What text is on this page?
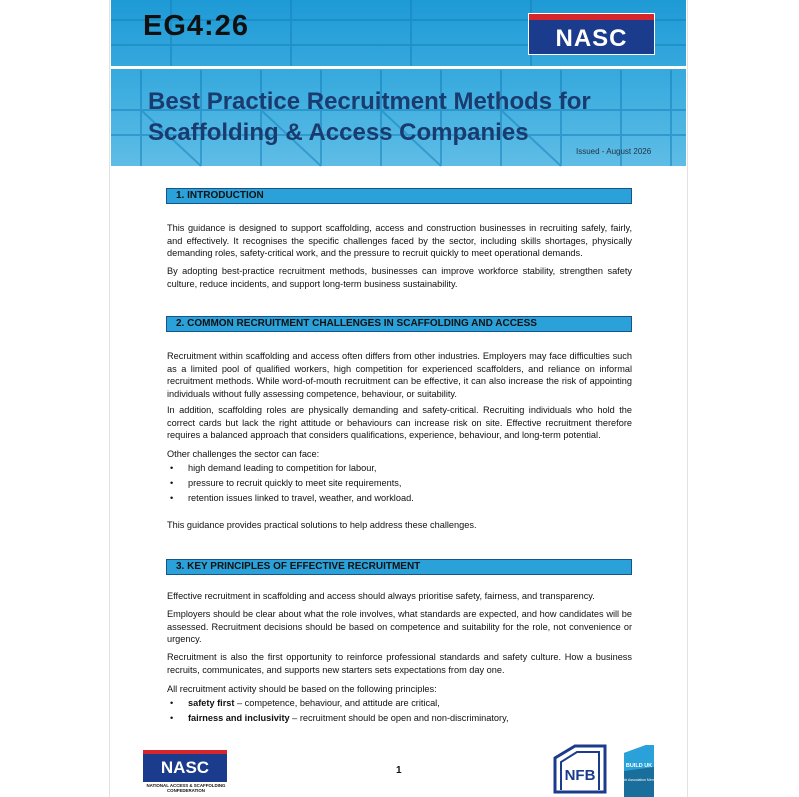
EG4:26	NASC
Best Practice Recruitment Methods for
Scaffolding & Access Companies
Issued - August 2026
1. INTRODUCTION
This guidance is designed to support scaffolding, access and construction businesses in recruiting safely, fairly, and effectively. It recognises the specific challenges faced by the sector, including skills shortages, physically demanding roles, safety-critical work, and the pressure to recruit quickly to meet operational demands.
By adopting best-practice recruitment methods, businesses can improve workforce stability, strengthen safety culture, reduce incidents, and support long-term business sustainability.
2. COMMON RECRUITMENT CHALLENGES IN SCAFFOLDING AND ACCESS
Recruitment within scaffolding and access often differs from other industries. Employers may face difficulties such as a limited pool of qualified workers, high competition for experienced scaffolders, and reliance on informal recruitment methods. While word-of-mouth recruitment can be effective, it can also increase the risk of appointing individuals without fully assessing competence, behaviour, or suitability.
In addition, scaffolding roles are physically demanding and safety-critical. Recruiting individuals who hold the correct cards but lack the right attitude or behaviours can increase risk on site. Effective recruitment therefore requires a balanced approach that considers qualifications, experience, behaviour, and long-term potential.
Other challenges the sector can face:
• high demand leading to competition for labour,
• pressure to recruit quickly to meet site requirements,
• retention issues linked to travel, weather, and workload.
This guidance provides practical solutions to help address these challenges.
3. KEY PRINCIPLES OF EFFECTIVE RECRUITMENT
Effective recruitment in scaffolding and access should always prioritise safety, fairness, and transparency.
Employers should be clear about what the role involves, what standards are expected, and how candidates will be assessed. Recruitment decisions should be based on competence and suitability for the role, not convenience or urgency.
Recruitment is also the first opportunity to reinforce professional standards and safety culture. How a business recruits, communicates, and supports new starters sets expectations from day one.
All recruitment activity should be based on the following principles:
• safety first – competence, behaviour, and attitude are critical,
• fairness and inclusivity – recruitment should be open and non-discriminatory,
NASC
NATIONAL ACCESS & SCAFFOLDING CONFEDERATION
1	NFB
BUILD UK
Trade Association Member
